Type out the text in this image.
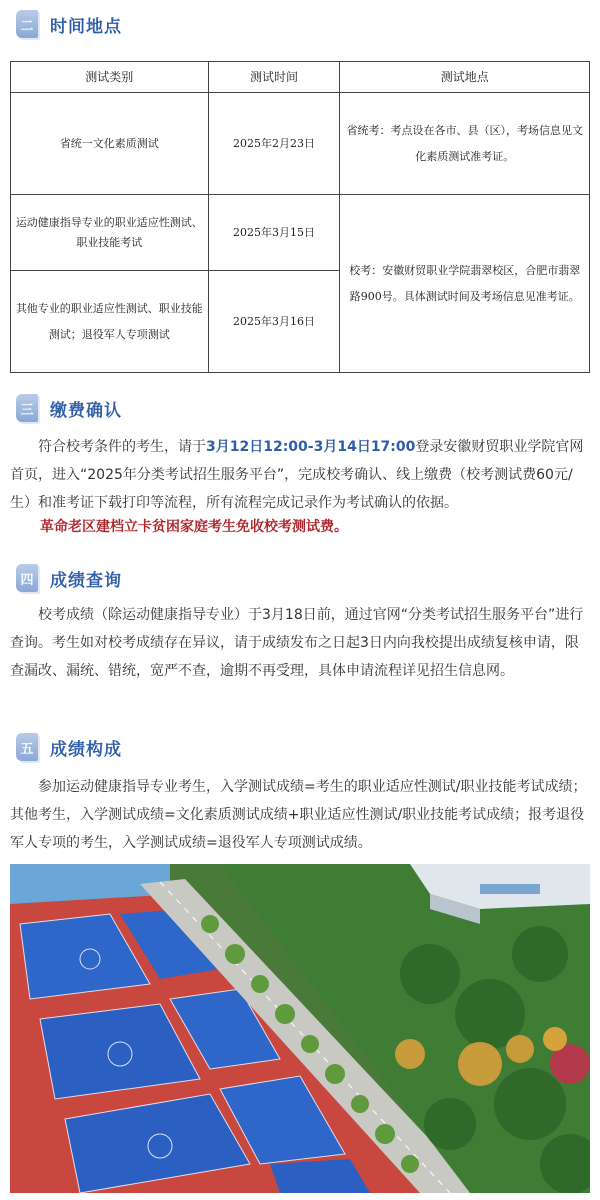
二 时间地点
测试类别	测试时间	测试地点
省统一文化素质测试	2025年2月23日	省统考：考点设在各市、县（区），考场信息见文化素质测试准考证。
运动健康指导专业的职业适应性测试、职业技能考试	2025年3月15日	校考：安徽财贸职业学院翡翠校区，合肥市翡翠路900号。具体测试时间及考场信息见准考证。
其他专业的职业适应性测试、职业技能测试；退役军人专项测试	2025年3月16日	
三 缴费确认

符合校考条件的考生，请于3月12日12:00-3月14日17:00登录安徽财贸职业学院官网首页，进入“2025年分类考试招生服务平台”，完成校考确认、线上缴费（校考测试费60元/生）和准考证下载打印等流程，所有流程完成记录作为考试确认的依据。

革命老区建档立卡贫困家庭考生免收校考测试费。
四 成绩查询

校考成绩（除运动健康指导专业）于3月18日前，通过官网“分类考试招生服务平台”进行查询。考生如对校考成绩存在异议，请于成绩发布之日起3日内向我校提出成绩复核申请，限查漏改、漏统、错统，宽严不查，逾期不再受理，具体申请流程详见招生信息网。

五 成绩构成

参加运动健康指导专业考生，入学测试成绩=考生的职业适应性测试/职业技能考试成绩；其他考生，入学测试成绩=文化素质测试成绩+职业适应性测试/职业技能考试成绩；报考退役军人专项的考生，入学测试成绩=退役军人专项测试成绩。
